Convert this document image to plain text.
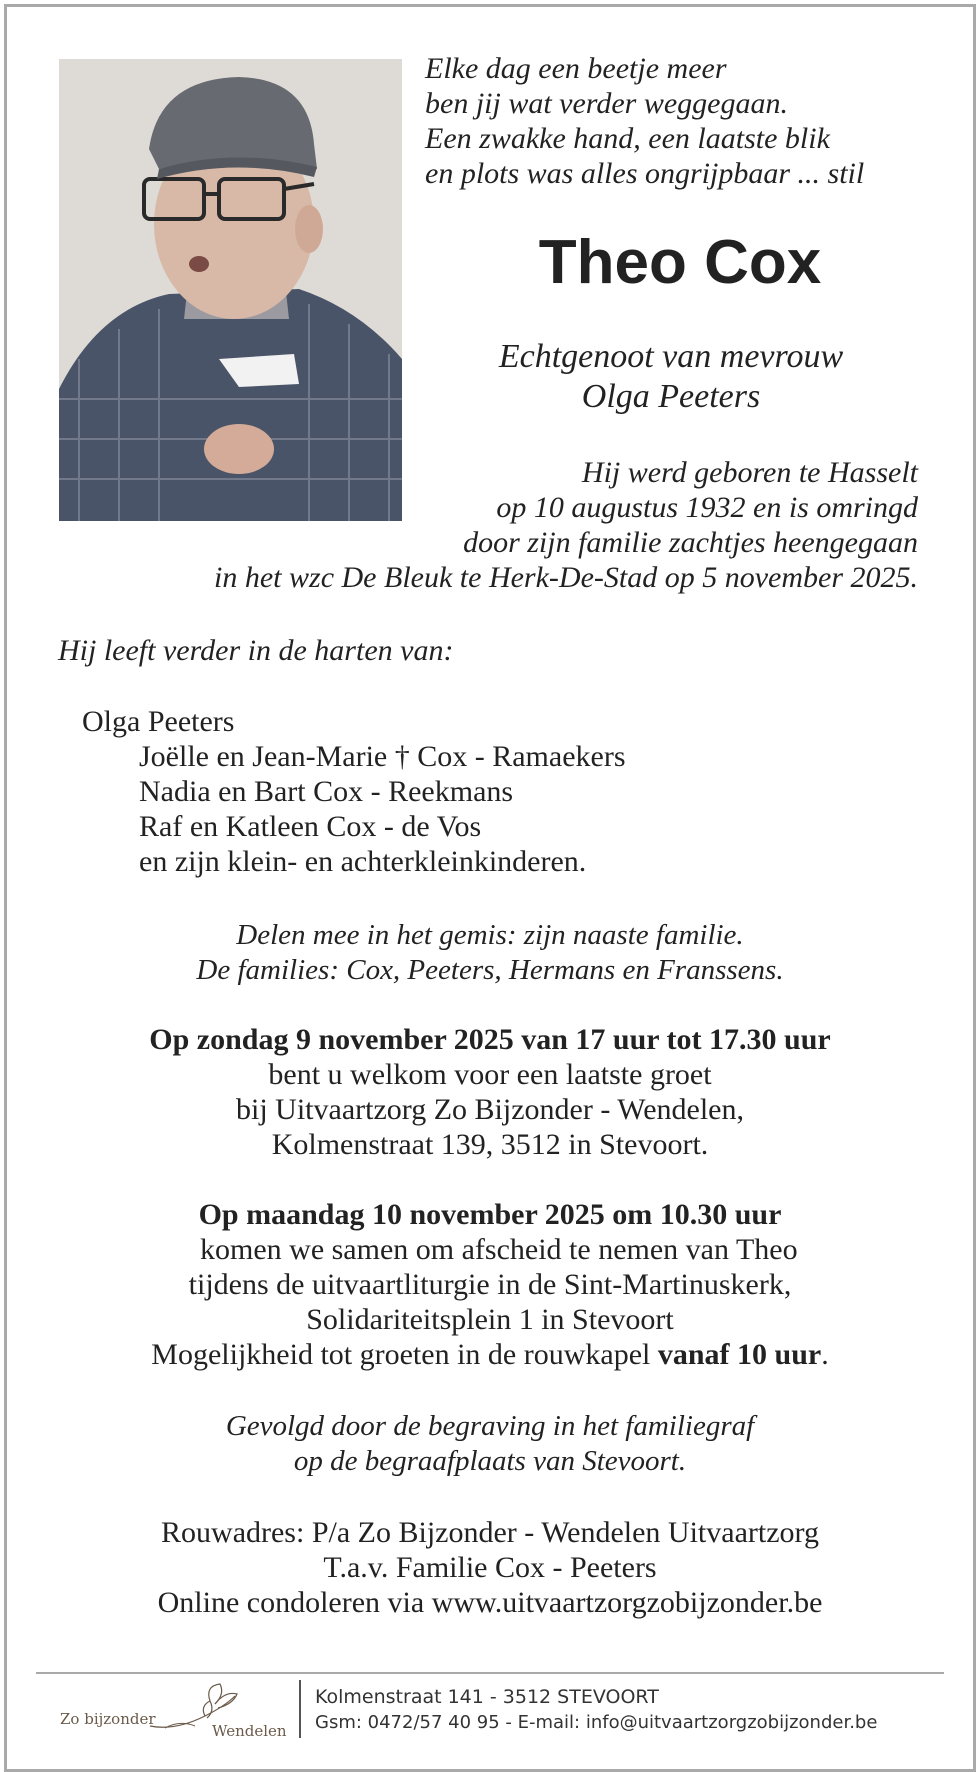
Elke dag een beetje meer
ben jij wat verder weggegaan.
Een zwakke hand, een laatste blik
en plots was alles ongrijpbaar ... stil
Theo Cox
Echtgenoot van mevrouw
Olga Peeters
Hij werd geboren te Hasselt
op 10 augustus 1932 en is omringd
door zijn familie zachtjes heengegaan
in het wzc De Bleuk te Herk-De-Stad op 5 november 2025.
Hij leeft verder in de harten van:
Olga Peeters
Joëlle en Jean-Marie † Cox - Ramaekers
Nadia en Bart Cox - Reekmans
Raf en Katleen Cox - de Vos
en zijn klein- en achterkleinkinderen.
Delen mee in het gemis: zijn naaste familie.
De families: Cox, Peeters, Hermans en Franssens.
Op zondag 9 november 2025 van 17 uur tot 17.30 uur
bent u welkom voor een laatste groet
bij Uitvaartzorg Zo Bijzonder - Wendelen,
Kolmenstraat 139, 3512 in Stevoort.
Op maandag 10 november 2025 om 10.30 uur
komen we samen om afscheid te nemen van Theo
tijdens de uitvaartliturgie in de Sint-Martinuskerk,
Solidariteitsplein 1 in Stevoort
Mogelijkheid tot groeten in de rouwkapel vanaf 10 uur.
Gevolgd door de begraving in het familiegraf
op de begraafplaats van Stevoort.
Rouwadres: P/a Zo Bijzonder - Wendelen Uitvaartzorg
T.a.v. Familie Cox - Peeters
Online condoleren via www.uitvaartzorgzobijzonder.be
Zo bijzonder
Wendelen
Kolmenstraat 141 - 3512 STEVOORT
Gsm: 0472/57 40 95 - E-mail: info@uitvaartzorgzobijzonder.be
